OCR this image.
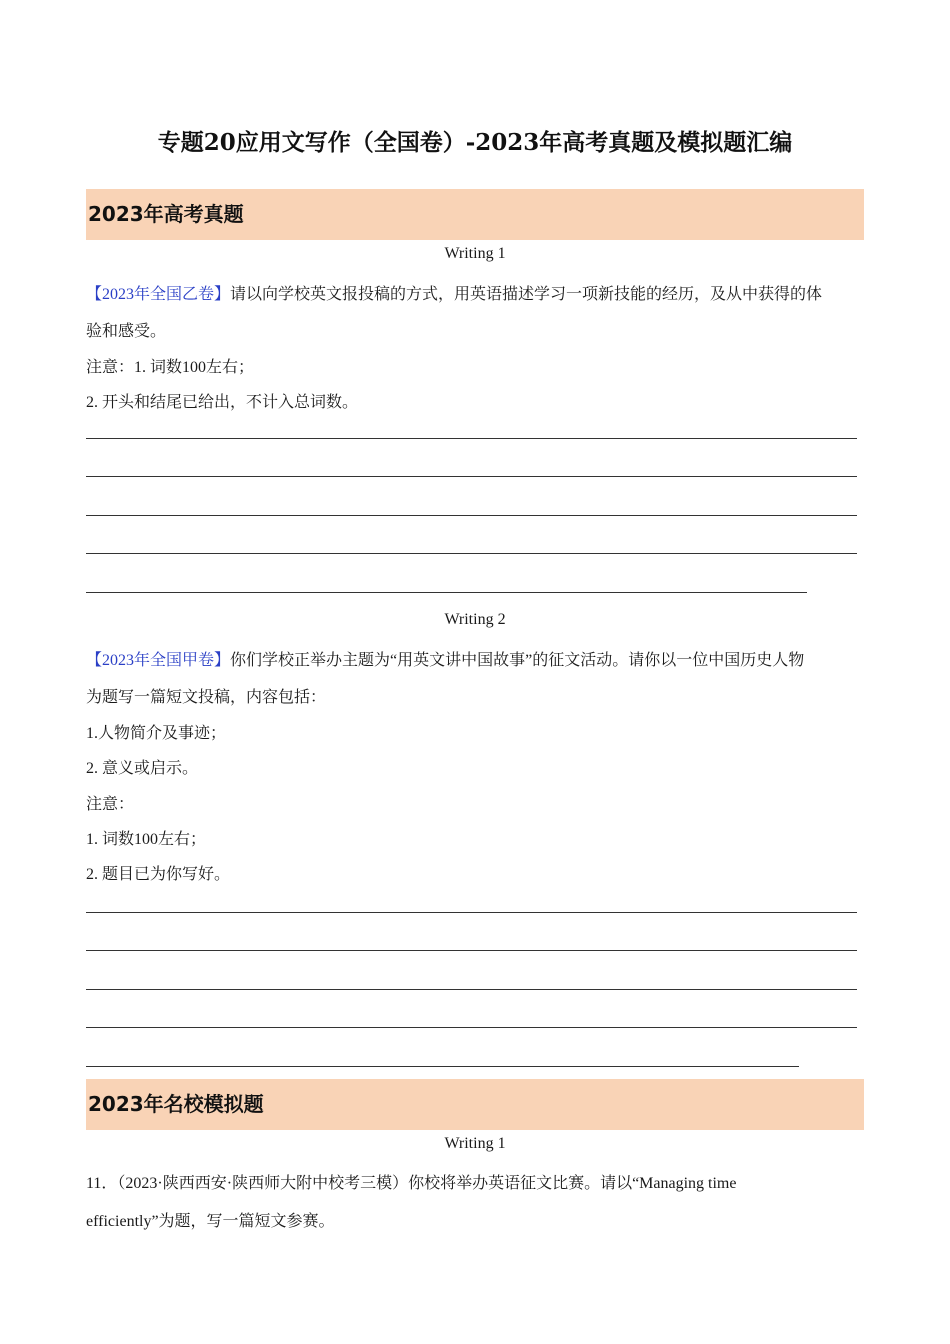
专题20应用文写作（全国卷）-2023年高考真题及模拟题汇编
2023年高考真题
Writing 1
【2023年全国乙卷】请以向学校英文报投稿的方式，用英语描述学习一项新技能的经历，及从中获得的体
验和感受。
注意：1. 词数100左右；
2. 开头和结尾已给出，不计入总词数。
Writing 2
【2023年全国甲卷】你们学校正举办主题为“用英文讲中国故事”的征文活动。请你以一位中国历史人物
为题写一篇短文投稿，内容包括：
1.人物简介及事迹；
2. 意义或启示。
注意：
1. 词数100左右；
2. 题目已为你写好。
2023年名校模拟题
Writing 1
11．（2023·陕西西安·陕西师大附中校考三模）你校将举办英语征文比赛。请以“Managing time
efficiently”为题，写一篇短文参赛。
